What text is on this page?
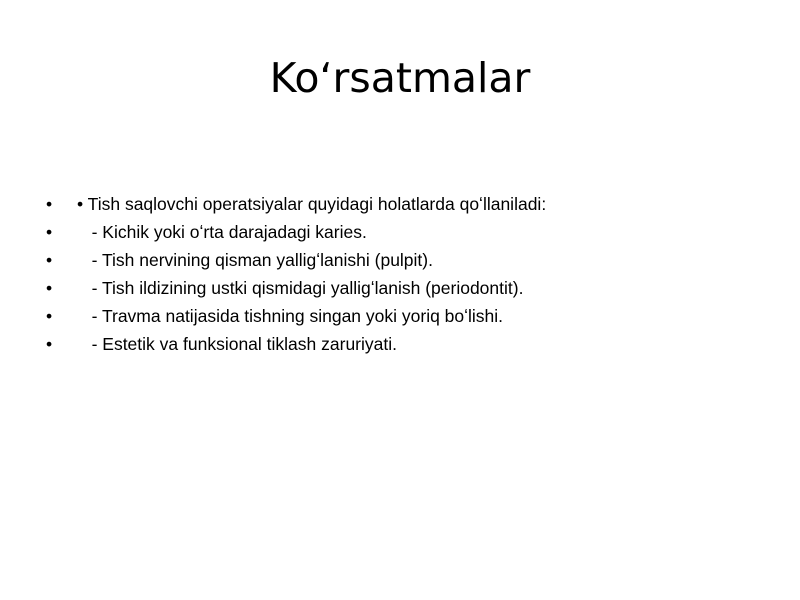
Koʻrsatmalar
• • Tish saqlovchi operatsiyalar quyidagi holatlarda qoʻllaniladi:
• - Kichik yoki oʻrta darajadagi karies.
• - Tish nervining qisman yalligʻlanishi (pulpit).
• - Tish ildizining ustki qismidagi yalligʻlanish (periodontit).
• - Travma natijasida tishning singan yoki yoriq boʻlishi.
• - Estetik va funksional tiklash zaruriyati.
